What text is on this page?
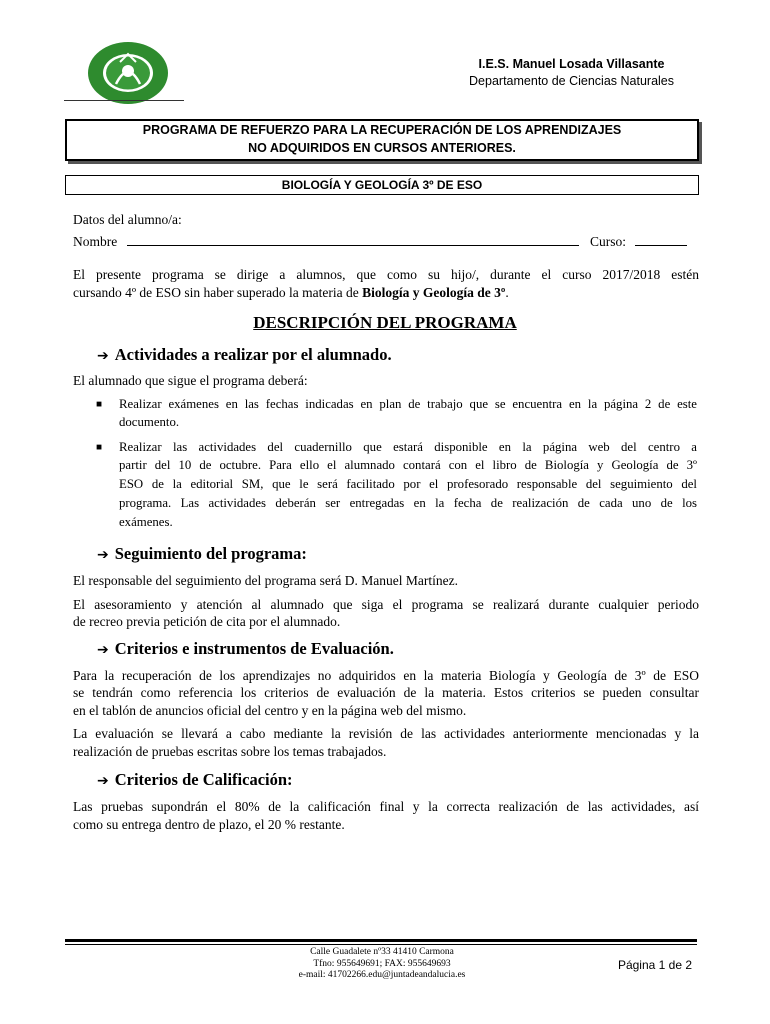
I.E.S. Manuel Losada Villasante
Departamento de Ciencias Naturales
PROGRAMA DE REFUERZO PARA LA RECUPERACIÓN DE LOS APRENDIZAJES
NO ADQUIRIDOS EN CURSOS ANTERIORES.
BIOLOGÍA Y GEOLOGÍA 3º DE ESO
Datos del alumno/a:
Nombre	Curso:
El presente programa se dirige a alumnos, que como su hijo/, durante el curso 2017/2018 estén
cursando 4º de ESO sin haber superado la materia de Biología y Geología de 3º.
DESCRIPCIÓN DEL PROGRAMA
➔ Actividades a realizar por el alumnado.
El alumnado que sigue el programa deberá:
■ Realizar exámenes en las fechas indicadas en plan de trabajo que se encuentra en la página 2 de este
documento.
■ Realizar las actividades del cuadernillo que estará disponible en la página web del centro a
partir del 10 de octubre. Para ello el alumnado contará con el libro de Biología y Geología de 3º
ESO de la editorial SM, que le será facilitado por el profesorado responsable del seguimiento del
programa. Las actividades deberán ser entregadas en la fecha de realización de cada uno de los
exámenes.
➔ Seguimiento del programa:
El responsable del seguimiento del programa será D. Manuel Martínez.
El asesoramiento y atención al alumnado que siga el programa se realizará durante cualquier periodo
de recreo previa petición de cita por el alumnado.
➔ Criterios e instrumentos de Evaluación.
Para la recuperación de los aprendizajes no adquiridos en la materia Biología y Geología de 3º de ESO
se tendrán como referencia los criterios de evaluación de la materia. Estos criterios se pueden consultar
en el tablón de anuncios oficial del centro y en la página web del mismo.
La evaluación se llevará a cabo mediante la revisión de las actividades anteriormente mencionadas y la
realización de pruebas escritas sobre los temas trabajados.
➔ Criterios de Calificación:
Las pruebas supondrán el 80% de la calificación final y la correcta realización de las actividades, así
como su entrega dentro de plazo, el 20 % restante.
Calle Guadalete nº33 41410 Carmona
Tfno: 955649691; FAX: 955649693
e-mail: 41702266.edu@juntadeandalucia.es
Página 1 de 2
